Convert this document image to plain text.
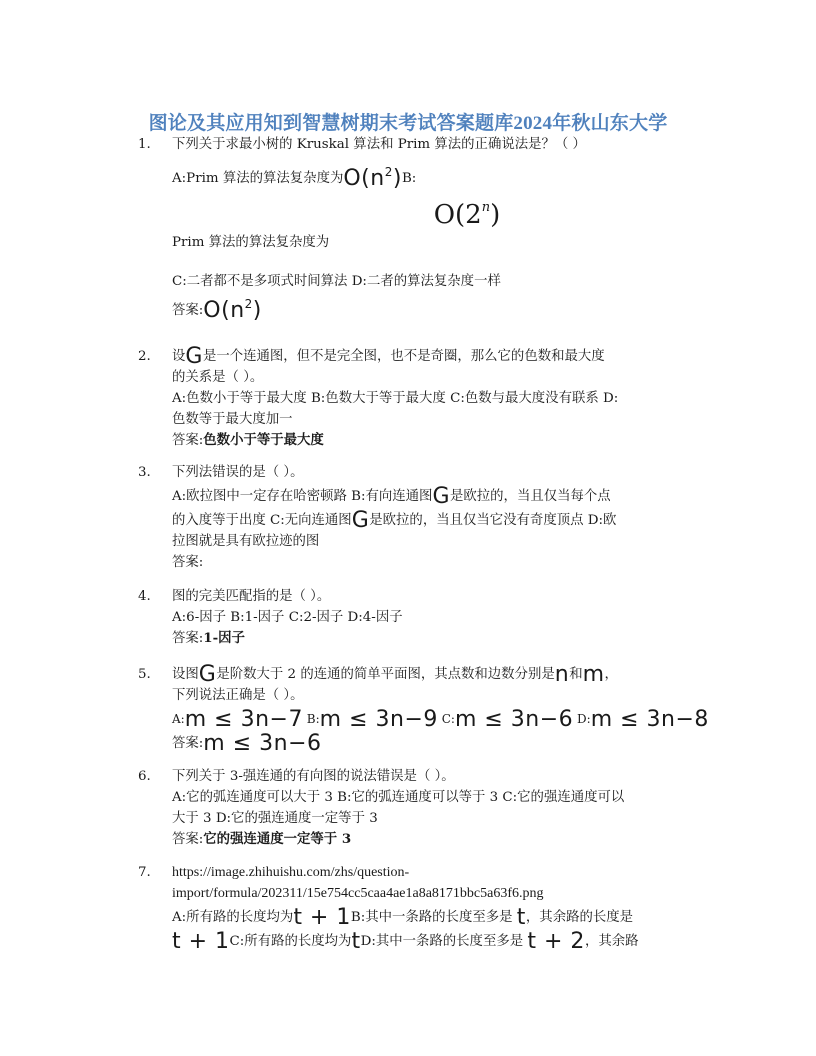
图论及其应用知到智慧树期末考试答案题库2024年秋山东大学
1.	下列关于求最小树的 Kruskal 算法和 Prim 算法的正确说法是？（ ）
A:Prim 算法的算法复杂度为$O(n^2)B$:
O(2$^n$)
Prim 算法的算法复杂度为
C:二者都不是多项式时间算法 D:二者的算法复杂度一样
答案$:O(n^2)$
2.	设G是一个连通图，但不是完全图，也不是奇圈，那么它的色数和最大度
的关系是（ ）。
A:色数小于等于最大度 B:色数大于等于最大度 C:色数与最大度没有联系 D:
色数等于最大度加一
答案:色数小于等于最大度
3.	下列法错误的是（ ）。
A:欧拉图中一定存在哈密顿路 B:有向连通图G是欧拉的，当且仅当每个点
的入度等于出度 C:无向连通图G是欧拉的，当且仅当它没有奇度顶点 D:欧
拉图就是具有欧拉迹的图
答案:
4.	图的完美匹配指的是（ ）。
A:6-因子 B:1-因子 C:2-因子 D:4-因子
答案:1-因子
5.	设图G是阶数大于 2 的连通的简单平面图，其点数和边数分别是n和m，
下列说法正确是（ ）。
A:m ≤ 3n−7 B:m ≤ 3n−9 C:m ≤ 3n−6 D:m ≤ 3n−8
答案:m ≤ 3n−6
6.	下列关于 3-强连通的有向图的说法错误是（ ）。
A:它的弧连通度可以大于 3 B:它的弧连通度可以等于 3 C:它的强连通度可以
大于 3 D:它的强连通度一定等于 3
答案:它的强连通度一定等于 3
7.	https://image.zhihuishu.com/zhs/question-
import/formula/202311/15e754cc5caa4ae1a8a8171bbc5a63f6.png
A:所有路的长度均为t + 1B:其中一条路的长度至多是 t，其余路的长度是
t + 1C:所有路的长度均为tD:其中一条路的长度至多是 t + 2，其余路
